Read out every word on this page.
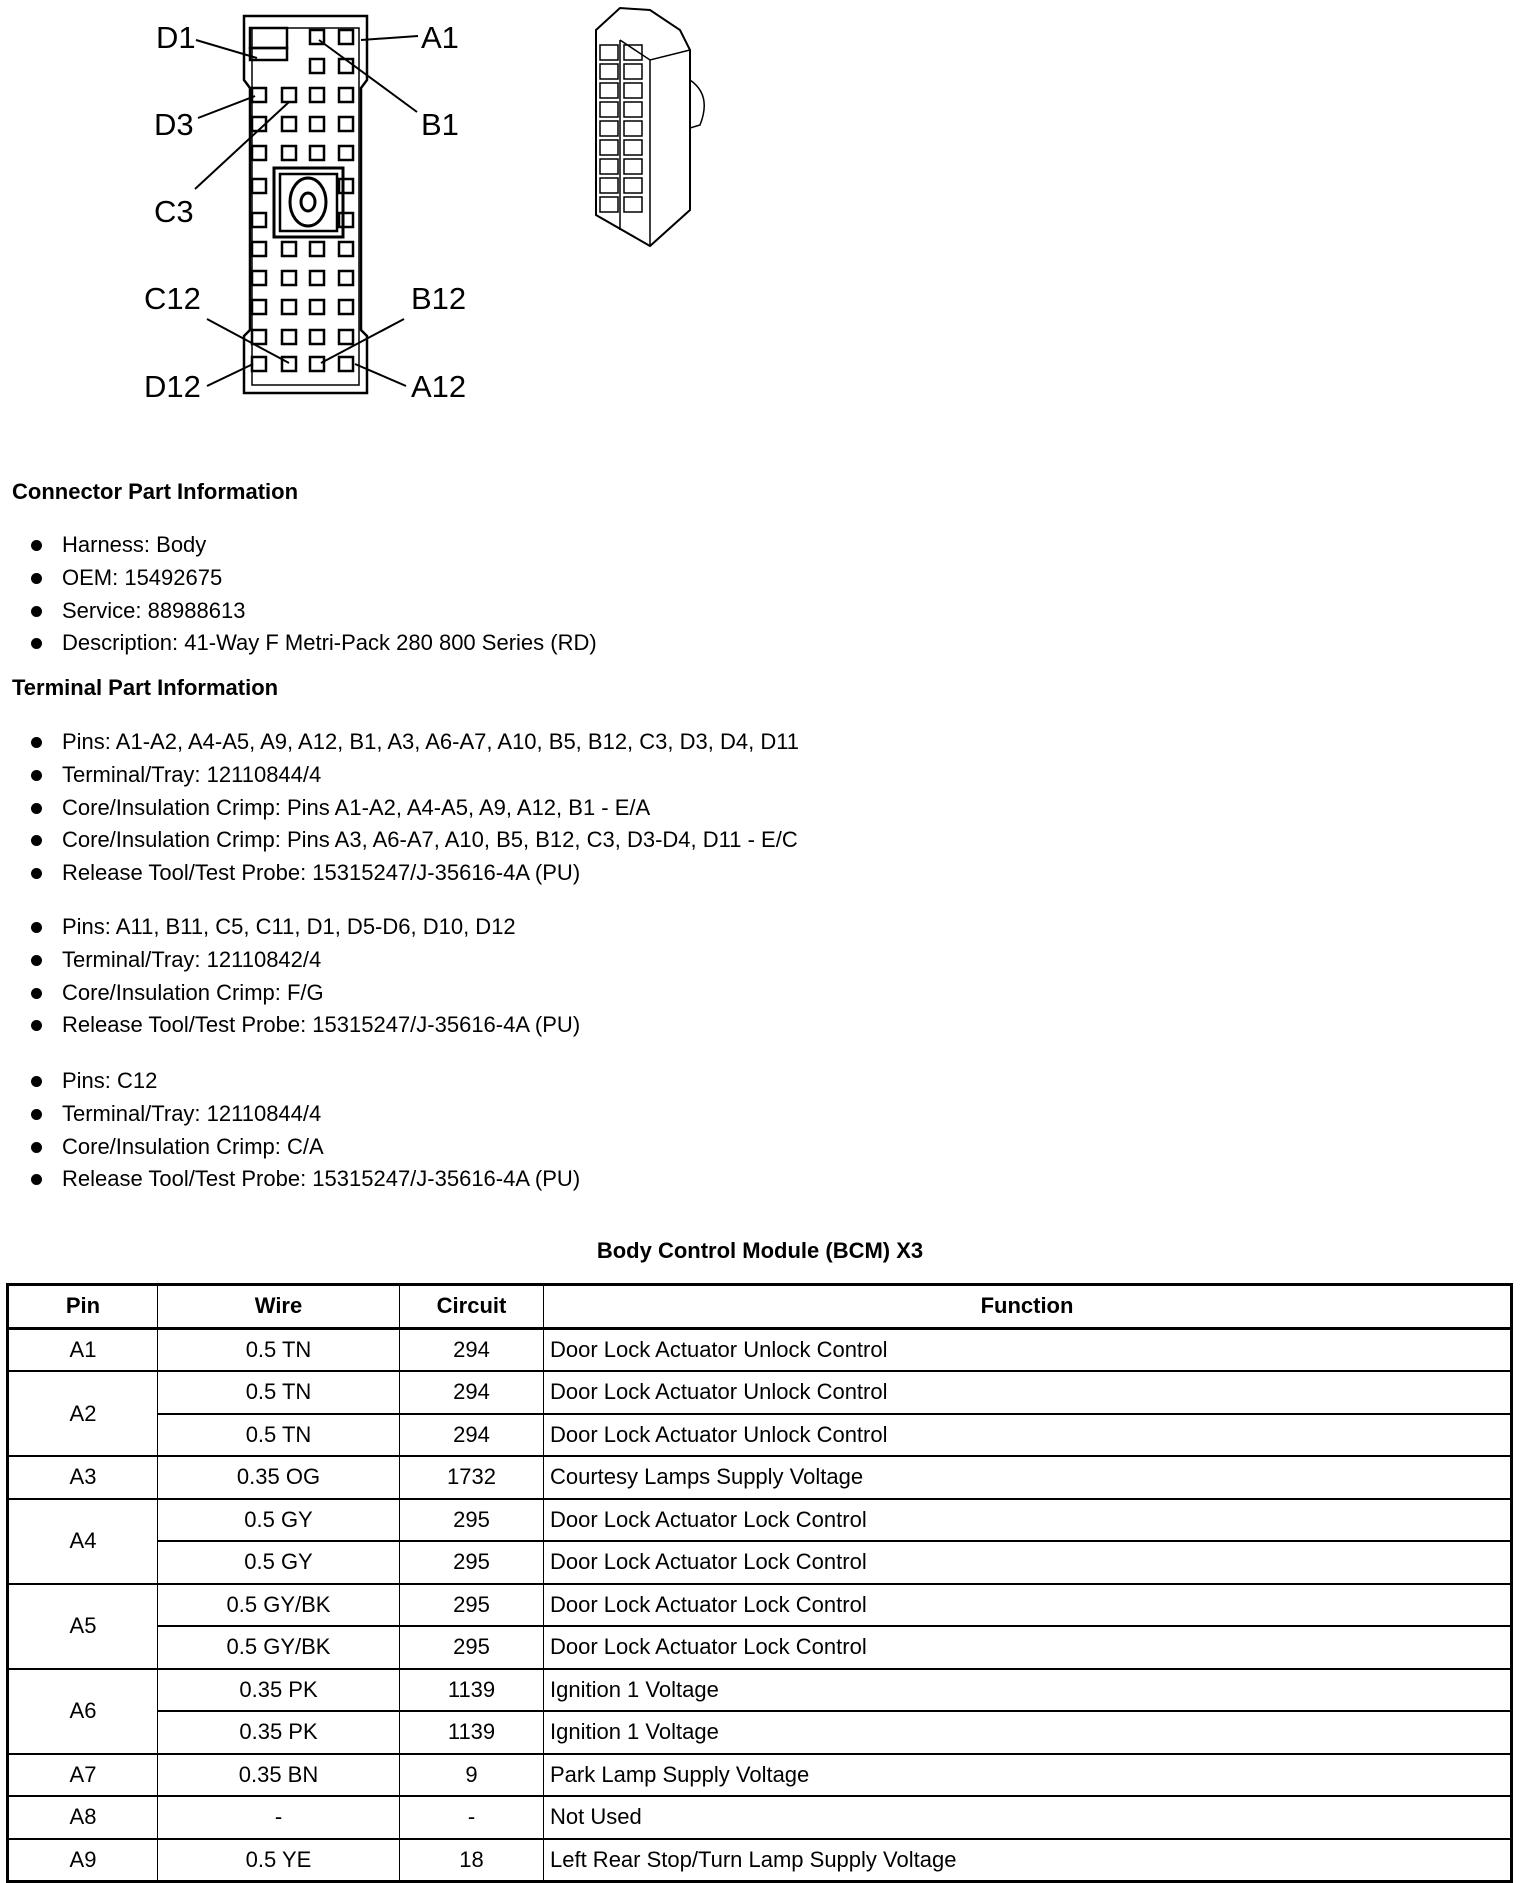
D1	A1
D3	B1
C3
C12	B12
D12	A12
Connector Part Information
Harness: Body
OEM: 15492675
Service: 88988613
Description: 41-Way F Metri-Pack 280 800 Series (RD)
Terminal Part Information
Pins: A1-A2, A4-A5, A9, A12, B1, A3, A6-A7, A10, B5, B12, C3, D3, D4, D11
Terminal/Tray: 12110844/4
Core/Insulation Crimp: Pins A1-A2, A4-A5, A9, A12, B1 - E/A
Core/Insulation Crimp: Pins A3, A6-A7, A10, B5, B12, C3, D3-D4, D11 - E/C
Release Tool/Test Probe: 15315247/J-35616-4A (PU)
Pins: A11, B11, C5, C11, D1, D5-D6, D10, D12
Terminal/Tray: 12110842/4
Core/Insulation Crimp: F/G
Release Tool/Test Probe: 15315247/J-35616-4A (PU)
Pins: C12
Terminal/Tray: 12110844/4
Core/Insulation Crimp: C/A
Release Tool/Test Probe: 15315247/J-35616-4A (PU)
Body Control Module (BCM) X3
Pin	Wire	Circuit	Function
A1	0.5 TN	294	Door Lock Actuator Unlock Control
A2	0.5 TN	294	Door Lock Actuator Unlock Control
	0.5 TN	294	Door Lock Actuator Unlock Control
A3	0.35 OG	1732	Courtesy Lamps Supply Voltage
A4	0.5 GY	295	Door Lock Actuator Lock Control
	0.5 GY	295	Door Lock Actuator Lock Control
A5	0.5 GY/BK	295	Door Lock Actuator Lock Control
	0.5 GY/BK	295	Door Lock Actuator Lock Control
A6	0.35 PK	1139	Ignition 1 Voltage
	0.35 PK	1139	Ignition 1 Voltage
A7	0.35 BN	9	Park Lamp Supply Voltage
A8	-	-	Not Used
A9	0.5 YE	18	Left Rear Stop/Turn Lamp Supply Voltage
